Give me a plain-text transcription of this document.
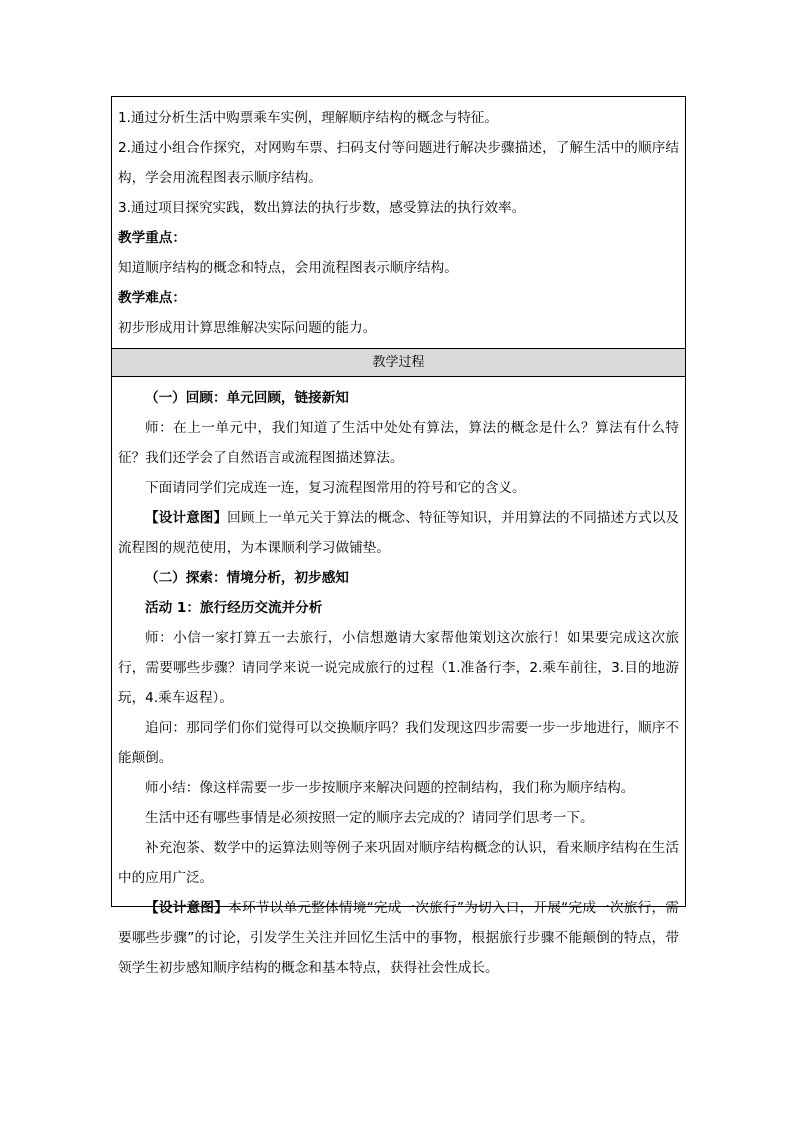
1.通过分析生活中购票乘车实例，理解顺序结构的概念与特征。

2.通过小组合作探究，对网购车票、扫码支付等问题进行解决步骤描述，了解生活中的顺序结构，学会用流程图表示顺序结构。

3.通过项目探究实践，数出算法的执行步数，感受算法的执行效率。

教学重点：

知道顺序结构的概念和特点，会用流程图表示顺序结构。

教学难点：

初步形成用计算思维解决实际问题的能力。

教学过程

（一）回顾：单元回顾，链接新知

师：在上一单元中，我们知道了生活中处处有算法，算法的概念是什么？算法有什么特征？我们还学会了自然语言或流程图描述算法。

下面请同学们完成连一连，复习流程图常用的符号和它的含义。

【设计意图】回顾上一单元关于算法的概念、特征等知识，并用算法的不同描述方式以及流程图的规范使用，为本课顺利学习做铺垫。

（二）探索：情境分析，初步感知

活动 1：旅行经历交流并分析

师：小信一家打算五一去旅行，小信想邀请大家帮他策划这次旅行！如果要完成这次旅行，需要哪些步骤？请同学来说一说完成旅行的过程（1.准备行李，2.乘车前往，3.目的地游玩，4.乘车返程）。

追问：那同学们你们觉得可以交换顺序吗？我们发现这四步需要一步一步地进行，顺序不能颠倒。

师小结：像这样需要一步一步按顺序来解决问题的控制结构，我们称为顺序结构。

生活中还有哪些事情是必须按照一定的顺序去完成的？请同学们思考一下。

补充泡茶、数学中的运算法则等例子来巩固对顺序结构概念的认识，看来顺序结构在生活中的应用广泛。

【设计意图】本环节以单元整体情境“完成一次旅行”为切入口，开展“完成一次旅行，需要哪些步骤”的讨论，引发学生关注并回忆生活中的事物，根据旅行步骤不能颠倒的特点，带领学生初步感知顺序结构的概念和基本特点，获得社会性成长。
